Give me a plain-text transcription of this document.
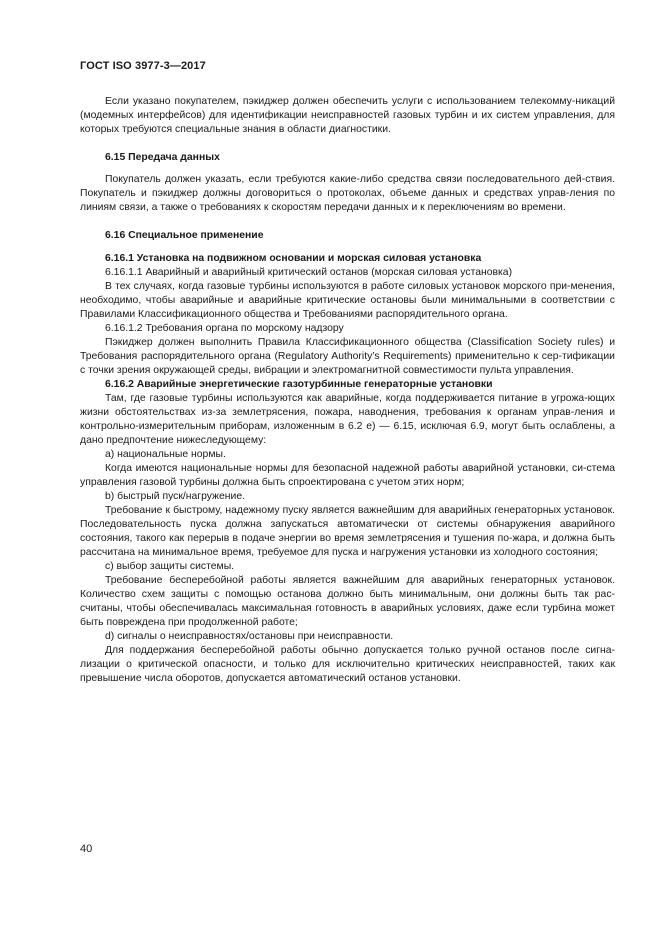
ГОСТ ISO 3977-3—2017

Если указано покупателем, пэкиджер должен обеспечить услуги с использованием телекомму-никаций (модемных интерфейсов) для идентификации неисправностей газовых турбин и их систем управления, для которых требуются специальные знания в области диагностики.

6.15 Передача данных

Покупатель должен указать, если требуются какие-либо средства связи последовательного дей-ствия. Покупатель и пэкиджер должны договориться о протоколах, объеме данных и средствах управ-ления по линиям связи, а также о требованиях к скоростям передачи данных и к переключениям во времени.

6.16 Специальное применение
6.16.1 Установка на подвижном основании и морская силовая установка

6.16.1.1 Аварийный и аварийный критический останов (морская силовая установка)

В тех случаях, когда газовые турбины используются в работе силовых установок морского при-менения, необходимо, чтобы аварийные и аварийные критические остановы были минимальными в соответствии с Правилами Классификационного общества и Требованиями распорядительного органа.

6.16.1.2 Требования органа по морскому надзору

Пэкиджер должен выполнить Правила Классификационного общества (Classification Society rules) и Требования распорядительного органа (Regulatory Authority’s Requirements) применительно к сер-тификации с точки зрения окружающей среды, вибрации и электромагнитной совместимости пульта управления.

6.16.2 Аварийные энергетические газотурбинные генераторные установки

Там, где газовые турбины используются как аварийные, когда поддерживается питание в угрожа-ющих жизни обстоятельствах из-за землетрясения, пожара, наводнения, требования к органам управ-ления и контрольно-измерительным приборам, изложенным в 6.2 е) — 6.15, исключая 6.9, могут быть ослаблены, а дано предпочтение нижеследующему:

а) национальные нормы.

Когда имеются национальные нормы для безопасной надежной работы аварийной установки, си-стема управления газовой турбины должна быть спроектирована с учетом этих норм;

b) быстрый пуск/нагружение.

Требование к быстрому, надежному пуску является важнейшим для аварийных генераторных установок. Последовательность пуска должна запускаться автоматически от системы обнаружения аварийного состояния, такого как перерыв в подаче энергии во время землетрясения и тушения по-жара, и должна быть рассчитана на минимальное время, требуемое для пуска и нагружения установки из холодного состояния;

с) выбор защиты системы.

Требование бесперебойной работы является важнейшим для аварийных генераторных установок. Количество схем защиты с помощью останова должно быть минимальным, они должны быть так рас-считаны, чтобы обеспечивалась максимальная готовность в аварийных условиях, даже если турбина может быть повреждена при продолженной работе;

d) сигналы о неисправностях/остановы при неисправности.

Для поддержания бесперебойной работы обычно допускается только ручной останов после сигна-лизации о критической опасности, и только для исключительно критических неисправностей, таких как превышение числа оборотов, допускается автоматический останов установки.

40
